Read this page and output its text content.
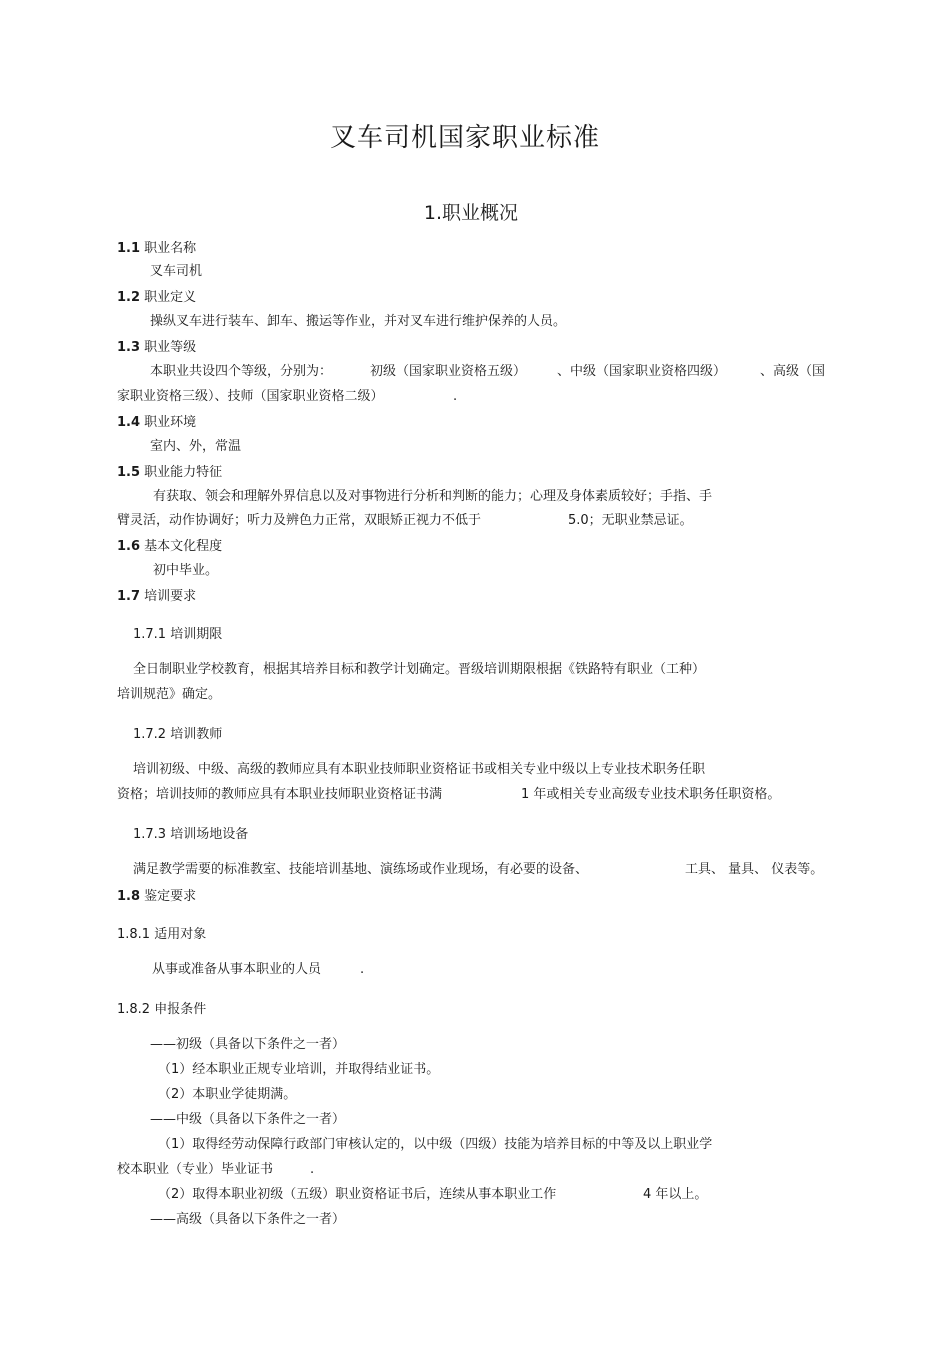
叉车司机国家职业标准
1.职业概况
1.1 职业名称
叉车司机
1.2 职业定义
操纵叉车进行装车、卸车、搬运等作业，并对叉车进行维护保养的人员。
1.3 职业等级
本职业共设四个等级，分别为：	初级（国家职业资格五级） 、中级（国家职业资格四级）	、高级（国
家职业资格三级）、技师（国家职业资格二级）	.
1.4 职业环境
室内、外，常温
1.5 职业能力特征
有获取、领会和理解外界信息以及对事物进行分析和判断的能力；心理及身体素质较好；手指、手
臂灵活，动作协调好；听力及辨色力正常，双眼矫正视力不低于	5.0；无职业禁忌证。
1.6 基本文化程度
初中毕业。
1.7 培训要求
1.7.1 培训期限
全日制职业学校教育，根据其培养目标和教学计划确定。晋级培训期限根据《铁路特有职业（工种）
培训规范》确定。
1.7.2 培训教师
培训初级、中级、高级的教师应具有本职业技师职业资格证书或相关专业中级以上专业技术职务任职
资格；培训技师的教师应具有本职业技师职业资格证书满	1 年或相关专业高级专业技术职务任职资格。
1.7.3 培训场地设备
满足教学需要的标准教室、技能培训基地、演练场或作业现场，有必要的设备、	工具、 量具、 仪表等。
1.8 鉴定要求
1.8.1 适用对象
从事或准备从事本职业的人员	.
1.8.2 申报条件
——初级（具备以下条件之一者）
（1）经本职业正规专业培训，并取得结业证书。
（2）本职业学徒期满。
——中级（具备以下条件之一者）
（1）取得经劳动保障行政部门审核认定的，以中级（四级）技能为培养目标的中等及以上职业学
校本职业（专业）毕业证书	.
（2）取得本职业初级（五级）职业资格证书后，连续从事本职业工作	4 年以上。
——高级（具备以下条件之一者）
